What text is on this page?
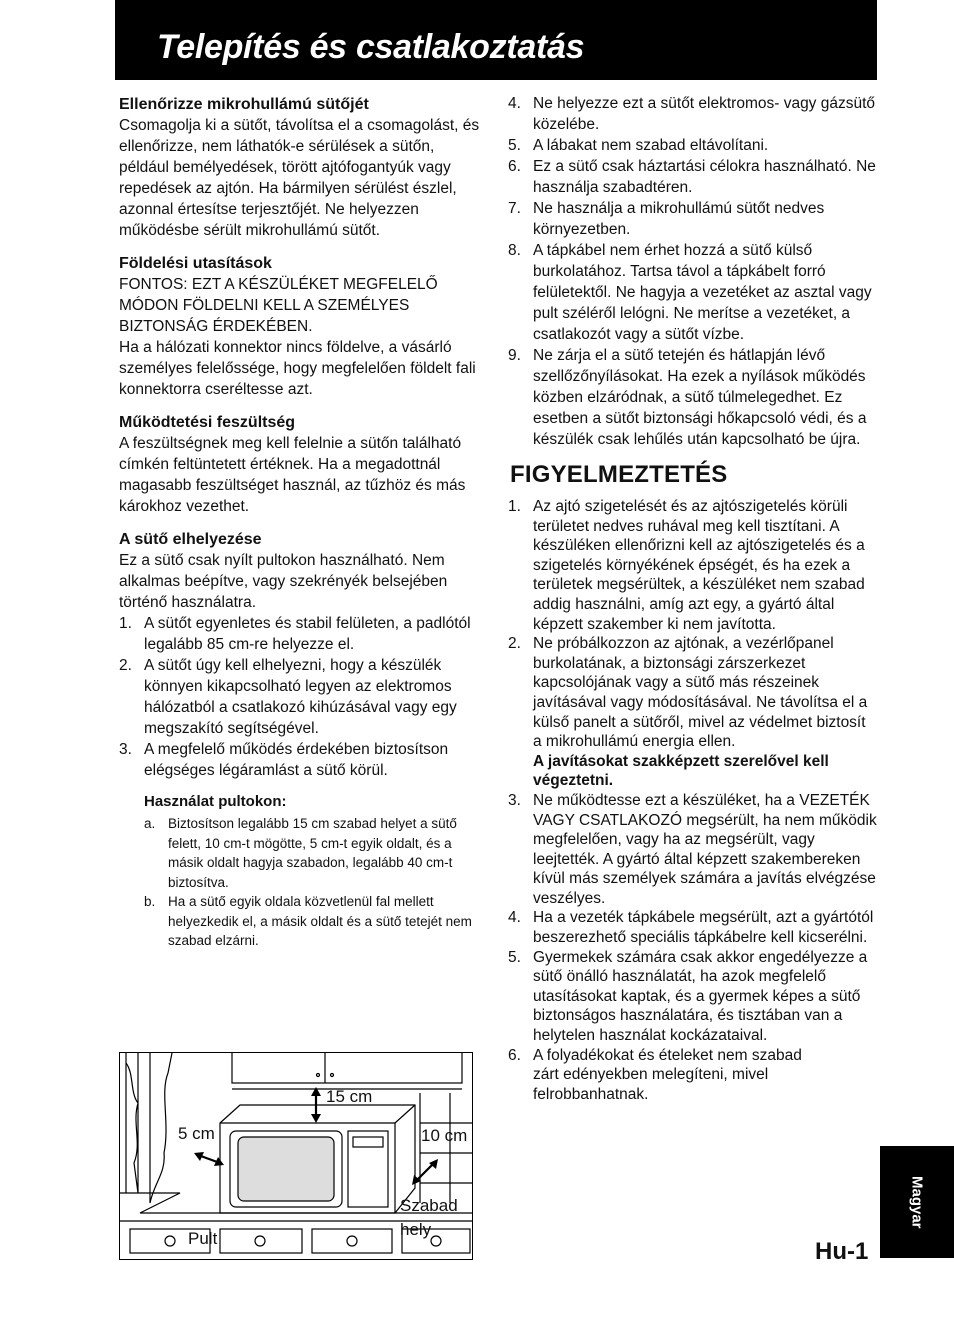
Telepítés és csatlakoztatás

Ellenőrizze mikrohullámú sütőjét

Csomagolja ki a sütőt, távolítsa el a csomagolást, és ellenőrizze, nem láthatók-e sérülések a sütőn, például bemélyedések, törött ajtófogantyúk vagy repedések az ajtón. Ha bármilyen sérülést észlel, azonnal értesítse terjesztőjét. Ne helyezzen működésbe sérült mikrohullámú sütőt.

Földelési utasítások

FONTOS: EZT A KÉSZÜLÉKET MEGFELELŐ MÓDON FÖLDELNI KELL A SZEMÉLYES BIZTONSÁG ÉRDEKÉBEN.

Ha a hálózati konnektor nincs földelve, a vásárló személyes felelőssége, hogy megfelelően földelt fali konnektorra cseréltesse azt.

Működtetési feszültség

A feszültségnek meg kell felelnie a sütőn található címkén feltüntetett értéknek. Ha a megadottnál magasabb feszültséget használ, az tűzhöz és más károkhoz vezethet.

A sütő elhelyezése

Ez a sütő csak nyílt pultokon használható. Nem alkalmas beépítve, vagy szekrényék belsejében történő használatra.

1. A sütőt egyenletes és stabil felületen, a padlótól legalább 85 cm-re helyezze el.
2. A sütőt úgy kell elhelyezni, hogy a készülék könnyen kikapcsolható legyen az elektromos hálózatból a csatlakozó kihúzásával vagy egy megszakító segítségével.
3. A megfelelő működés érdekében biztosítson elégséges légáramlást a sütő körül.

Használat pultokon:

a. Biztosítson legalább 15 cm szabad helyet a sütő felett, 10 cm-t mögötte, 5 cm-t egyik oldalt, és a másik oldalt hagyja szabadon, legalább 40 cm-t biztosítva.
b. Ha a sütő egyik oldala közvetlenül fal mellett helyezkedik el, a másik oldalt és a sütő tetejét nem szabad elzárni.
15 cm
5 cm	10 cm
Szabad hely
Pult
4. Ne helyezze ezt a sütőt elektromos- vagy gázsütő közelébe.
5. A lábakat nem szabad eltávolítani.
6. Ez a sütő csak háztartási célokra használható. Ne használja szabadtéren.
7. Ne használja a mikrohullámú sütőt nedves környezetben.
8. A tápkábel nem érhet hozzá a sütő külső burkolatához. Tartsa távol a tápkábelt forró felületektől. Ne hagyja a vezetéket az asztal vagy pult széléről lelógni. Ne merítse a vezetéket, a csatlakozót vagy a sütőt vízbe.
9. Ne zárja el a sütő tetején és hátlapján lévő szellőzőnyílásokat. Ha ezek a nyílások működés közben elzáródnak, a sütő túlmelegedhet. Ez esetben a sütőt biztonsági hőkapcsoló védi, és a készülék csak lehűlés után kapcsolható be újra.

FIGYELMEZTETÉS

1. Az ajtó szigetelését és az ajtószigetelés körüli területet nedves ruhával meg kell tisztítani. A készüléken ellenőrizni kell az ajtószigetelés és a szigetelés környékének épségét, és ha ezek a területek megsérültek, a készüléket nem szabad addig használni, amíg azt egy, a gyártó által képzett szakember ki nem javította.
2. Ne próbálkozzon az ajtónak, a vezérlőpanel burkolatának, a biztonsági zárszerkezet kapcsolójának vagy a sütő más részeinek javításával vagy módosításával. Ne távolítsa el a külső panelt a sütőről, mivel az védelmet biztosít a mikrohullámú energia ellen.
A javításokat szakképzett szerelővel kell végeztetni.
3. Ne működtesse ezt a készüléket, ha a VEZETÉK VAGY CSATLAKOZÓ megsérült, ha nem működik megfelelően, vagy ha az megsérült, vagy leejtették. A gyártó által képzett szakembereken kívül más személyek számára a javítás elvégzése veszélyes.
4. Ha a vezeték tápkábele megsérült, azt a gyártótól beszerezhető speciális tápkábelre kell kicserélni.
5. Gyermekek számára csak akkor engedélyezze a sütő önálló használatát, ha azok megfelelő utasításokat kaptak, és a gyermek képes a sütő biztonságos használatára, és tisztában van a helytelen használat kockázataival.
6. A folyadékokat és ételeket nem szabad zárt edényekben melegíteni, mivel felrobbanhatnak.
Magyar
Hu-1
